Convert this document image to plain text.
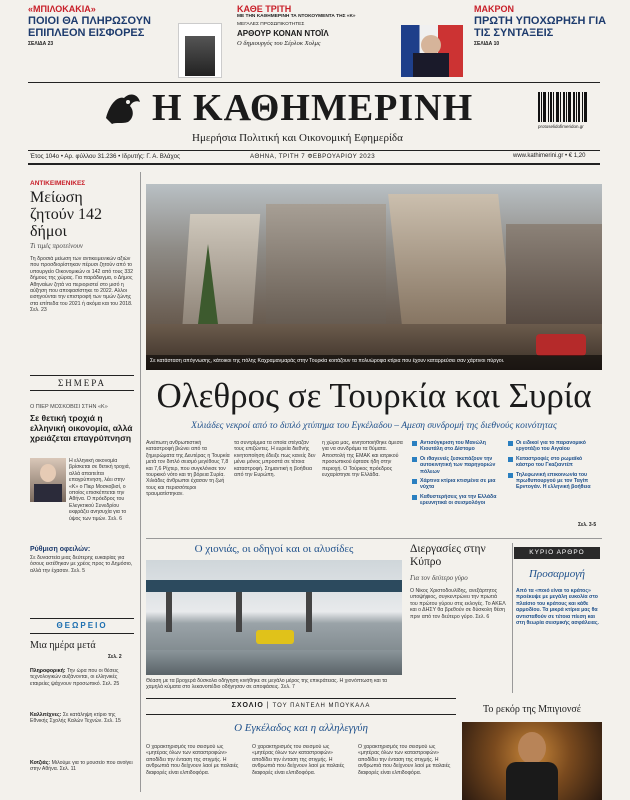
«ΜΠΙΛΟΚΑΚΙΑ»
ΠΟΙΟΙ ΘΑ ΠΛΗΡΩΣΟΥΝ ΕΠΙΠΛΕΟΝ ΕΙΣΦΟΡΕΣ
ΣΕΛΙΔΑ 23
ΚΑΘΕ ΤΡΙΤΗ
ΜΕ ΤΗΝ ΚΑΘΗΜΕΡΙΝΗ ΤΑ ΝΤΟΚΟΥΜΕΝΤΑ ΤΗΣ «Κ»
ΜΕΓΑΛΕΣ ΠΡΟΣΩΠΙΚΟΤΗΤΕΣ
ΑΡΘΟΥΡ ΚΟΝΑΝ ΝΤΟΪΛ
Ο δημιουργός του Σέρλοκ Χολμς
ΜΑΚΡΟΝ
ΠΡΩΤΗ ΥΠΟΧΩΡΗΣΗ ΓΙΑ ΤΙΣ ΣΥΝΤΑΞΕΙΣ
ΣΕΛΙΔΑ 10
Η ΚΑΘΗΜΕΡΙΝΗ
Ημερήσια Πολιτική και Οικονομική Εφημερίδα
protoselidofimeridon.gr
Έτος 104ο • Αρ. φύλλου 31.236 • Ιδρυτής: Γ. Α. Βλάχος	ΑΘΗΝΑ, ΤΡΙΤΗ 7 ΦΕΒΡΟΥΑΡΙΟΥ 2023	www.kathimerini.gr • € 1,20
ΑΝΤΙΚΕΙΜΕΝΙΚΕΣ
Μείωση ζητούν 142 δήμοι
Τι τιμές προτείνουν
Τη δροσιά μείωση των αντικειμενικών αξιών που προσδιορίστηκαν πέρυσι ζητούν από το υπουργείο Οικονομικών οι 142 από τους 332 δήμους της χώρας. Για παράδειγμα, ο Δήμος Αθηναίων ζητά να περιοριστεί στο μισό η αύξηση που αποφασίστηκε το 2022. Αλλοι εισηγούνται την επιστροφή των τιμών ζώνης στα επίπεδα του 2021 ή ακόμα και του 2018. Σελ. 23
ΣΗΜΕΡΑ
Ο ΠΙΕΡ ΜΟΣΚΟΒΙΣΙ ΣΤΗΝ «Κ»
Σε θετική τροχιά η ελληνική οικονομία, αλλά χρειάζεται επαγρύπνηση
Η ελληνική οικονομία βρίσκεται σε θετική τροχιά, αλλά απαιτείται επαγρύπνηση, λέει στην «Κ» ο Πιερ Μοσκοβισί, ο οποίος επισκέπτεται την Αθήνα. Ο πρόεδρος του Ελεγκτικού Συνεδρίου εκφράζει ανησυχία για το ύψος των τιμών. Σελ. 6
Ρύθμιση οφειλών:
Σε δυναστεία μιας δεύτερης ευκαιρίας για όσους εκτέθηκαν με χρέος προς το Δημόσιο, αλλά την έχασαν. Σελ. 5
ΘΕΩΡΕΙΟ
Μια ημέρα μετά
Σελ. 2
Πληροφορική: Την ώρα που οι θέσεις τεχνολογικών αυξάνονται, οι ελληνικές εταιρείες ψάχνουν προσωπικό. Σελ. 25
Καλλιτέχνες: Σε κατάληψη κτίριο της Εθνικής Σχολής Καλών Τεχνών. Σελ. 15
Κοτζιάς: Μιλούμε για το μουσείο που ανοίγει στην Αθήνα. Σελ. 11
Σε κατάσταση απόγνωσης, κάτοικοι της πόλης Καχραμανμαράς στην Τουρκία κοιτάζουν τα πολυώροφα κτίρια που έχουν καταρρεύσει σαν χάρτινοι πύργοι.
Ολεθρος σε Τουρκία και Συρία
Χιλιάδες νεκροί από το διπλό χτύπημα του Εγκέλαδου – Αμεση συνδρομή της διεθνούς κοινότητας
Ανείπωτη ανθρωπιστική καταστροφή βιώνει από τα ξημερώματα της Δευτέρας η Τουρκία μετά τον διπλό σεισμό μεγέθους 7,8 και 7,6 Ρίχτερ, που συγκλόνισε τον τουρκικό νότο και τη βόρεια Συρία. Χιλιάδες άνθρωποι έχασαν τη ζωή τους και περισσότεροι τραυματίστηκαν.
τα συντρίμμια τα οποία στέγαζαν τους επιζώντες. Η ευρεία διεθνής κινητοποίηση έδειξε πως κανείς δεν μένει μόνος μπροστά σε τέτοια καταστροφή. Σημαντική η βοήθεια από την Ευρώπη.
η χώρα μας, κινητοποιήθηκε άμεσα για να συνδράμει τα θύματα. Αποστολή της ΕΜΑΚ και ιατρικού προσωπικού έφτασε ήδη στην περιοχή. Ο Τούρκος πρόεδρος ευχαρίστησε την Ελλάδα.
Αντισύγκριση του Μανώλη Κιουτάλη στο Δίστομο
Οι ιθαγενείς ξεσκεπάζουν την αυτοκινητική των παρηγοριών πόλεων
Χάρτινα κτίρια κτισμένα σε μια νύχτα
Καθυστερήσεις για την Ελλάδα ερευνητικά οι σεισμολόγοι
Οι ειδικοί για το παρανομικό εργοτάξιο του Αιγαίου
Καταστροφές στο ρωμαϊκό κάστρο του Γκαζιαντέπ
Τηλεφωνική επικοινωνία του πρωθυπουργού με τον Ταγίπ Ερντογάν. Η ελληνική βοήθεια
Σελ. 3-5
Ο χιονιάς, οι οδηγοί και οι αλυσίδες
Θέαση με τα βροχερά δύσκολα οδήγηση κινήθηκε σε μεγάλο μέρος της επικράτειας. Η χιονόπτωση και τα χαμηλά κύματα στο λεκανοπέδιο οδήγησαν σε αποφάσεις. Σελ. 7
Διεργασίες στην Κύπρο
Για τον δεύτερο γύρο
Ο Νίκος Χριστοδουλίδης, ανεξάρτητος υποψήφιος, συγκεντρώνει την πρωτιά του πρώτου γύρου στις εκλογές. Το ΑΚΕΛ και ο ΔΗΣΥ θα βρεθούν σε δύσκολη θέση πριν από τον δεύτερο γύρο. Σελ. 6
ΚΥΡΙΟ ΑΡΘΡΟ
Προσαρμογή
Από τα «ποιό είναι το κράτος» προέκυψε με μεγάλη ευκολία στο πλαίσιο του κράτους και κάθε αρμοδίου. Τα μικρά κτίρια μας θα αντισταθούν σε τέτοια πίεση και στη θεωρία σεισμικής ασφάλειας.
ΣΧΟΛΙΟ | ΤΟΥ ΠΑΝΤΕΛΗ ΜΠΟΥΚΑΛΑ
Ο Εγκέλαδος και η αλληλεγγύη
Ο χαρακτηρισμός του σεισμού ως «μητέρας όλων των καταστροφών» αποδίδει την ένταση της στιγμής. Η ανθρωπιά που δείχνουν λαοί με παλαιές διαφορές είναι ελπιδοφόρα.
Ο χαρακτηρισμός του σεισμού ως «μητέρας όλων των καταστροφών» αποδίδει την ένταση της στιγμής. Η ανθρωπιά που δείχνουν λαοί με παλαιές διαφορές είναι ελπιδοφόρα.
Ο χαρακτηρισμός του σεισμού ως «μητέρας όλων των καταστροφών» αποδίδει την ένταση της στιγμής. Η ανθρωπιά που δείχνουν λαοί με παλαιές διαφορές είναι ελπιδοφόρα.
Το ρεκόρ της Μπιγιονσέ
